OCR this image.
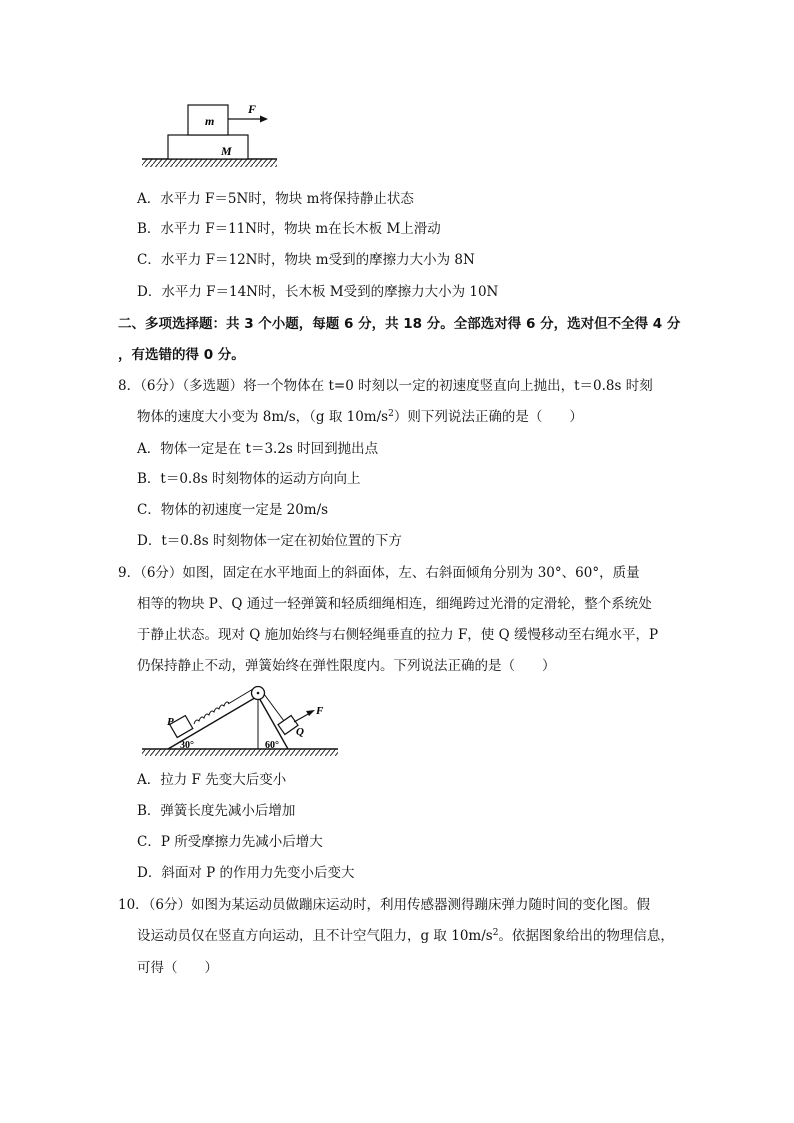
m
M
F
A．水平力 F＝5N时，物块 m将保持静止状态
B．水平力 F＝11N时，物块 m在长木板 M上滑动
C．水平力 F＝12N时，物块 m受到的摩擦力大小为 8N
D．水平力 F＝14N时，长木板 M受到的摩擦力大小为 10N
二、多项选择题：共 3 个小题，每题 6 分，共 18 分。全部选对得 6 分，选对但不全得 4 分
，有选错的得 0 分。
8．（6分）（多选题）将一个物体在 t=0 时刻以一定的初速度竖直向上抛出，t＝0.8s 时刻
物体的速度大小变为 8m/s，（g 取 $10m/s^2$）则下列说法正确的是（　　）
A．物体一定是在 t＝3.2s 时回到抛出点
B．t＝0.8s 时刻物体的运动方向向上
C．物体的初速度一定是 20m/s
D．t＝0.8s 时刻物体一定在初始位置的下方
9．（6分）如图，固定在水平地面上的斜面体，左、右斜面倾角分别为 30°、60°，质量
相等的物块 P、Q 通过一轻弹簧和轻质细绳相连，细绳跨过光滑的定滑轮，整个系统处
于静止状态。现对 Q 施加始终与右侧轻绳垂直的拉力 F，使 Q 缓慢移动至右绳水平，P
仍保持静止不动，弹簧始终在弹性限度内。下列说法正确的是（　　）
F
P
Q
30°	60°
A．拉力 F 先变大后变小
B．弹簧长度先减小后增加
C．P 所受摩擦力先减小后增大
D．斜面对 P 的作用力先变小后变大
10．（6分）如图为某运动员做蹦床运动时，利用传感器测得蹦床弹力随时间的变化图。假
设运动员仅在竖直方向运动，且不计空气阻力，g 取 $10m/s^2$。依据图象给出的物理信息，
可得（　　）
